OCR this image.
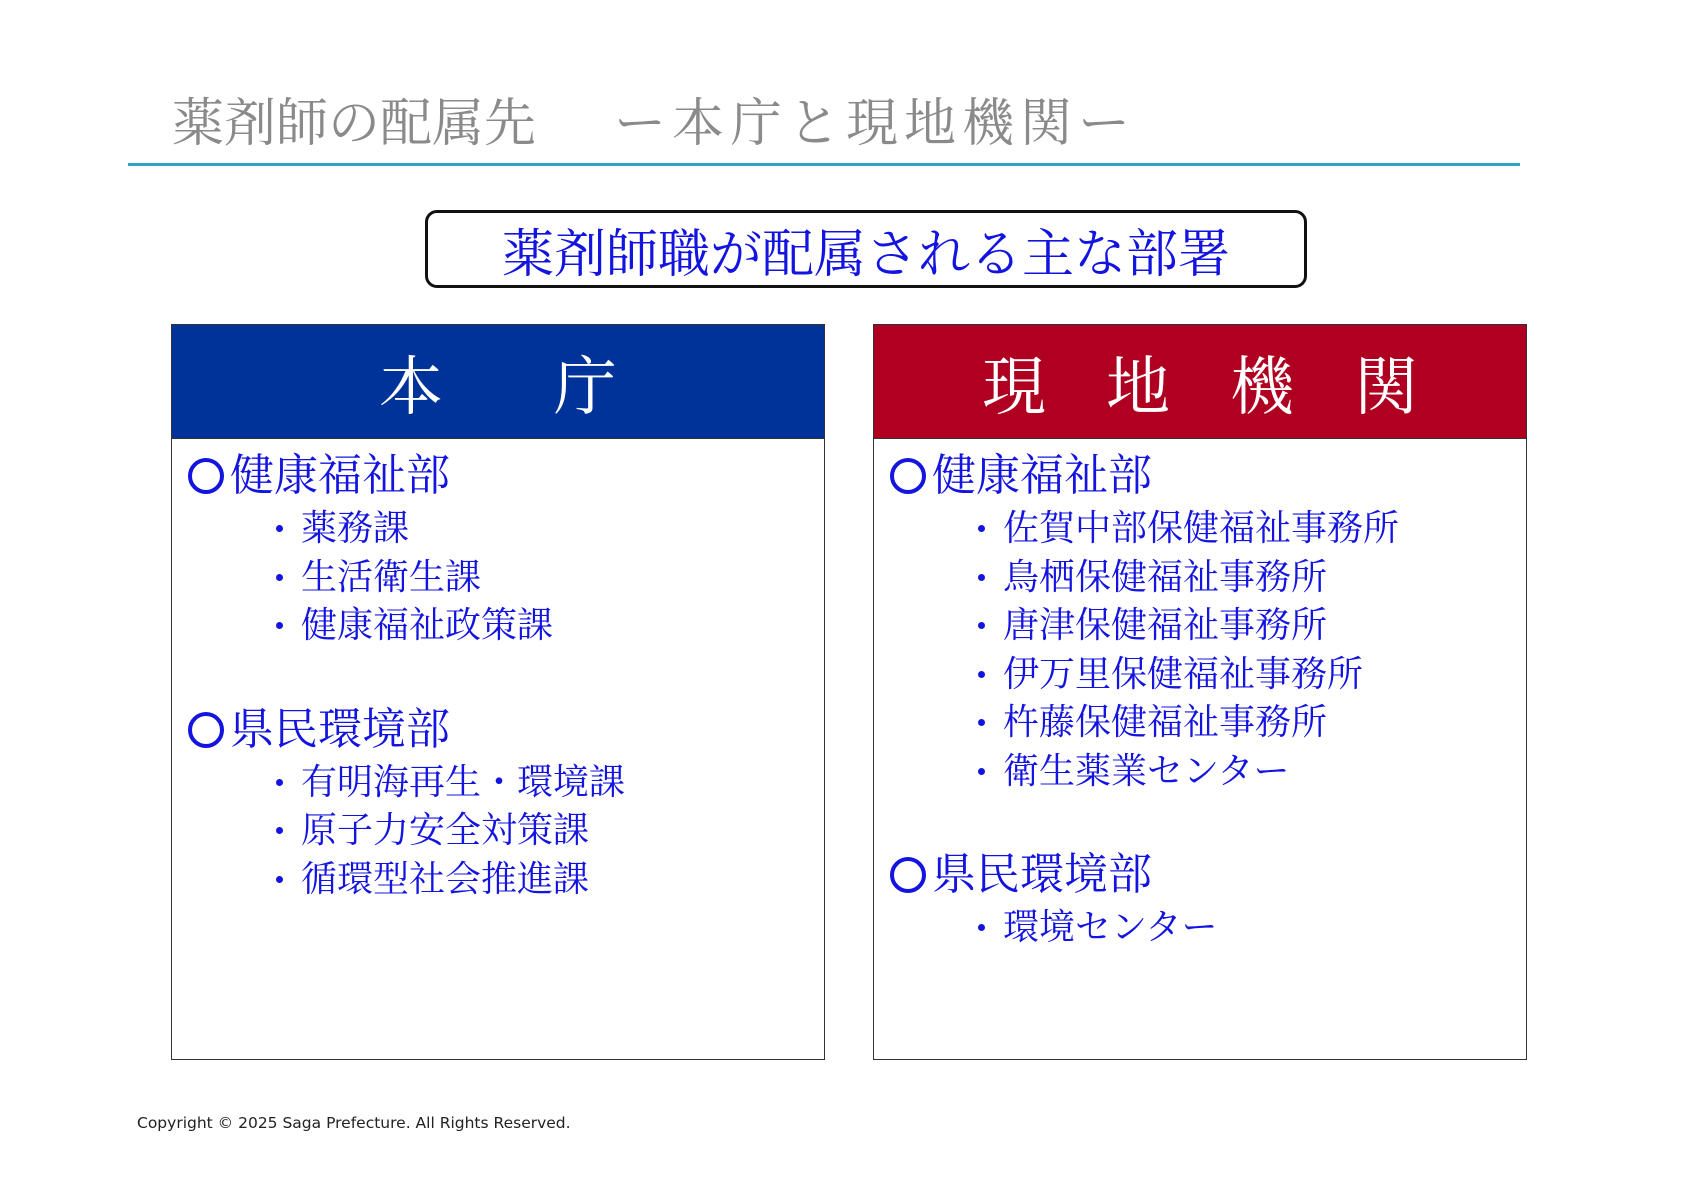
薬剤師の配属先 ー本庁と現地機関ー
薬剤師職が配属される主な部署
本庁
健康福祉部
薬務課
生活衛生課
健康福祉政策課
県民環境部
有明海再生・環境課
原子力安全対策課
循環型社会推進課
現地機関
健康福祉部
佐賀中部保健福祉事務所
鳥栖保健福祉事務所
唐津保健福祉事務所
伊万里保健福祉事務所
杵藤保健福祉事務所
衛生薬業センター
県民環境部
環境センター
Copyright © 2025 Saga Prefecture. All Rights Reserved.
